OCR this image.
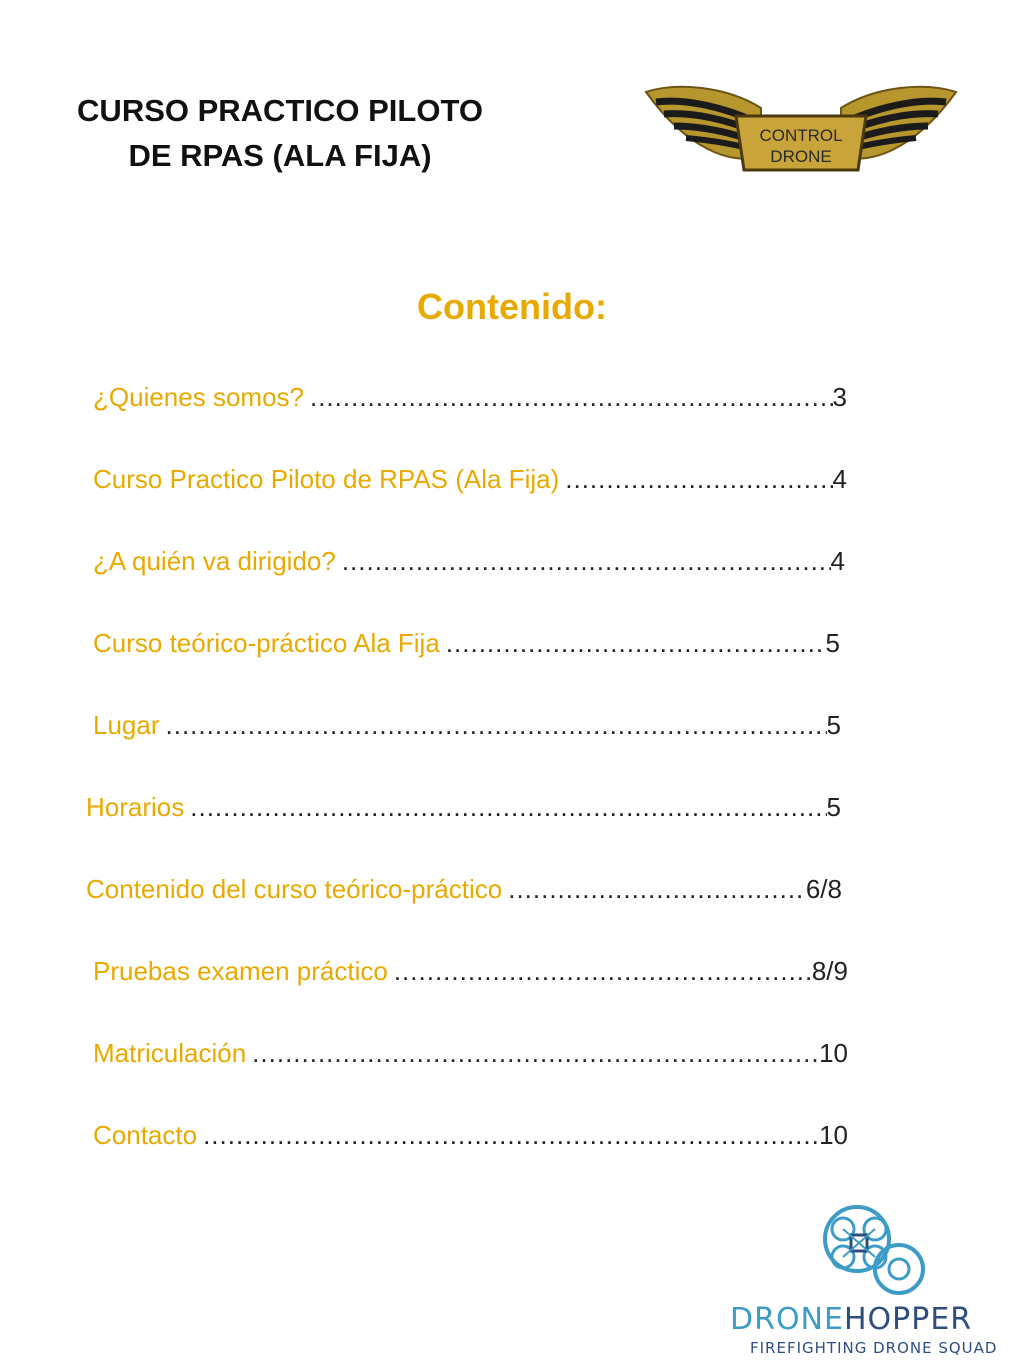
CURSO PRACTICO PILOTO
DE RPAS (ALA FIJA)
CONTROL
DRONE
Contenido:
¿Quienes somos? .....	3
Curso Practico Piloto de RPAS (Ala Fija) .....	4
¿A quién va dirigido? .....	4
Curso teórico-práctico Ala Fija .....	5
Lugar .....	5
Horarios .....	5
Contenido del curso teórico-práctico .....	6/8
Pruebas examen práctico .....	8/9
Matriculación .....	10
Contacto .....	10
DRONEHOPPER
FIREFIGHTING DRONE SQUAD
